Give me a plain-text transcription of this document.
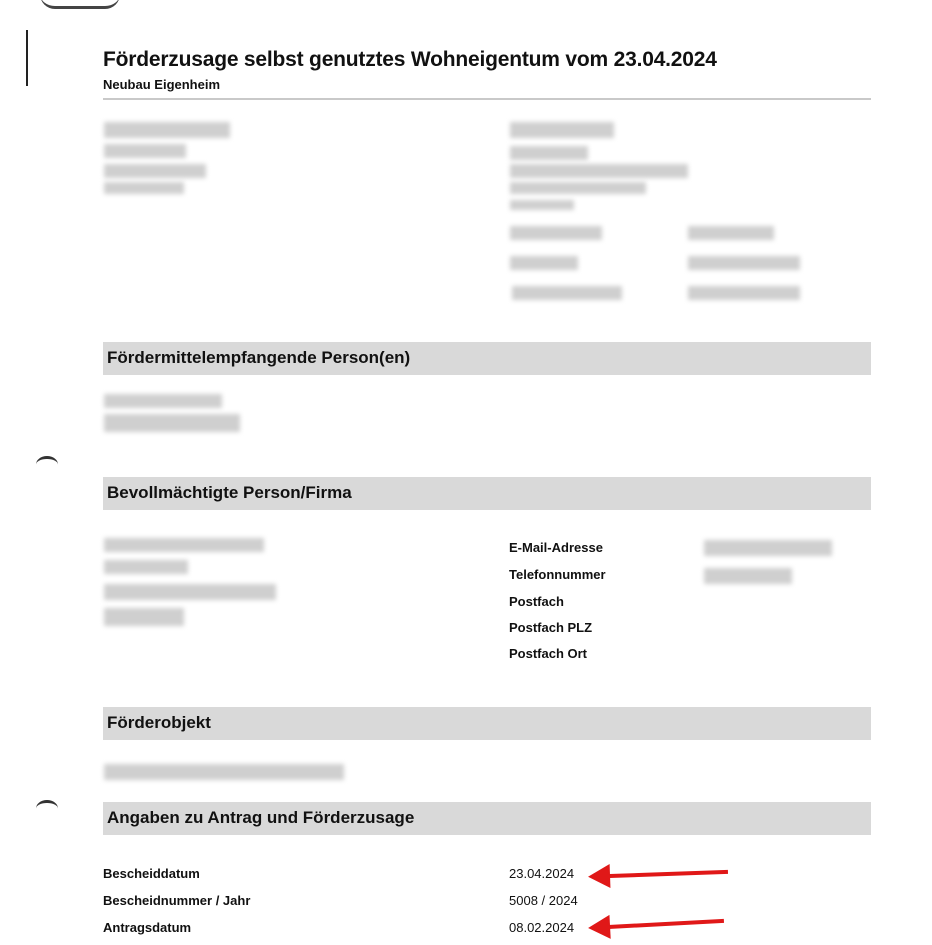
Förderzusage selbst genutztes Wohneigentum vom 23.04.2024
Neubau Eigenheim
Fördermittelempfangende Person(en)
Bevollmächtigte Person/Firma
E-Mail-Adresse
Telefonnummer
Postfach
Postfach PLZ
Postfach Ort
Förderobjekt
Angaben zu Antrag und Förderzusage
Bescheiddatum	23.04.2024
Bescheidnummer / Jahr	5008 / 2024
Antragsdatum	08.02.2024
